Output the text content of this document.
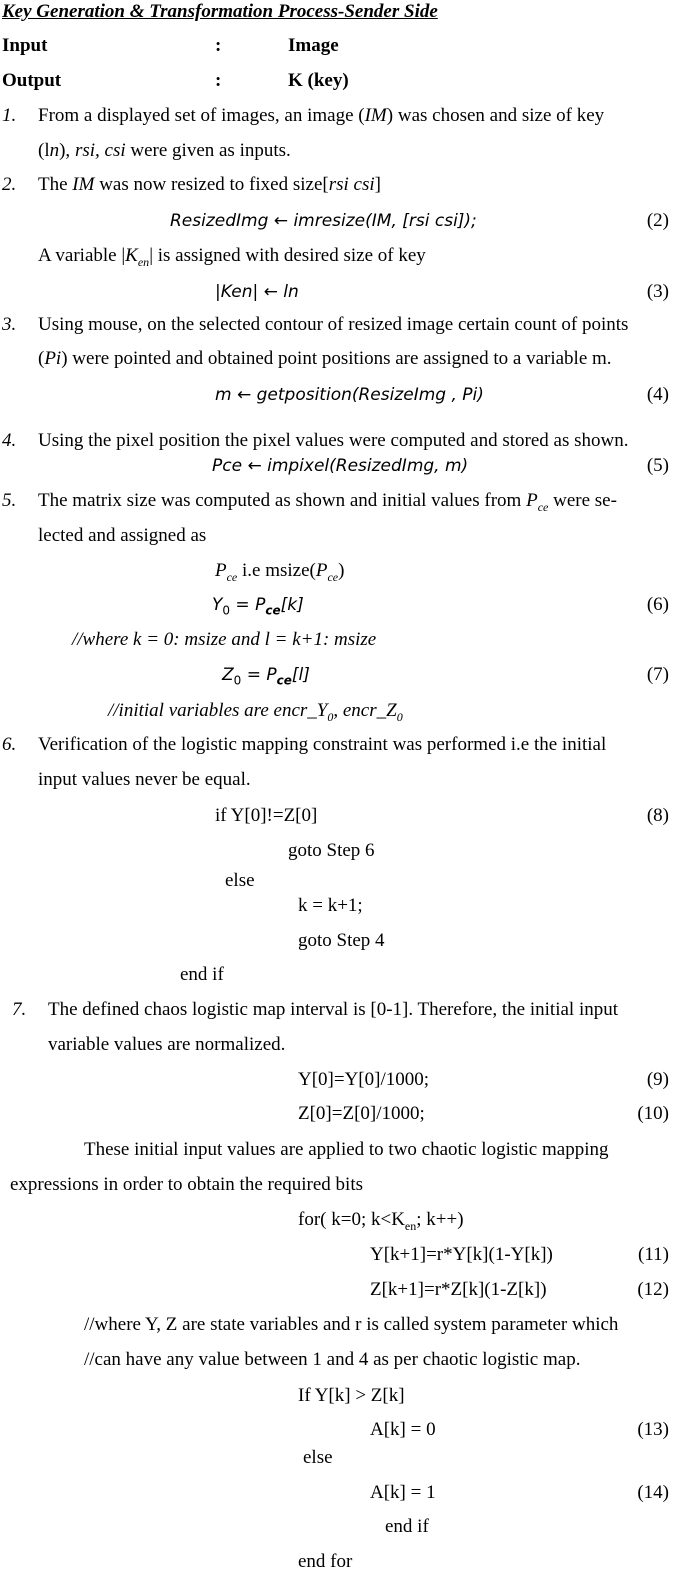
Key Generation & Transformation Process-Sender Side
Input	:	Image
Output	:	K (key)
1. From a displayed set of images, an image (IM) was chosen and size of key
(ln), rsi, csi were given as inputs.
2. The IM was now resized to fixed size[rsi csi]
ResizedImg ← imresize(IM, [rsi csi]);	(2)
A variable $|K_{en}|$ is assigned with desired size of key
|Ken| ← ln	(3)
3. Using mouse, on the selected contour of resized image certain count of points
(Pi) were pointed and obtained point positions are assigned to a variable m.
m ← getposition(ResizeImg , Pi)	(4)
4. Using the pixel position the pixel values were computed and stored as shown.
Pce ← impixel(ResizedImg, m)	(5)
5. The matrix size was computed as shown and initial values from $P_{ce}$ were se-
lected and assigned as
$P_{ce}$ i.e $msize(P_{ce})$
$Y_0 = P_{ce}[k]$	(6)
//where k = 0: msize and l = k+1: msize
$Z_0 = P_{ce}[l]$	(7)
//initial variables are $encr\_Y_0$, $encr\_Z_0$
6. Verification of the logistic mapping constraint was performed i.e the initial
input values never be equal.
if Y[0]!=Z[0]	(8)
goto Step 6
else
k = k+1;
goto Step 4
end if
7. The defined chaos logistic map interval is [0-1]. Therefore, the initial input
variable values are normalized.
Y[0]=Y[0]/1000;	(9)
Z[0]=Z[0]/1000;	(10)
These initial input values are applied to two chaotic logistic mapping
expressions in order to obtain the required bits
for( k=0; $k<K_{en}$; k++)
Y[k+1]=r*Y[k](1-Y[k])	(11)
Z[k+1]=r*Z[k](1-Z[k])	(12)
//where Y, Z are state variables and r is called system parameter which
//can have any value between 1 and 4 as per chaotic logistic map.
If Y[k] > Z[k]
A[k] = 0	(13)
else
A[k] = 1	(14)
end if
end for
